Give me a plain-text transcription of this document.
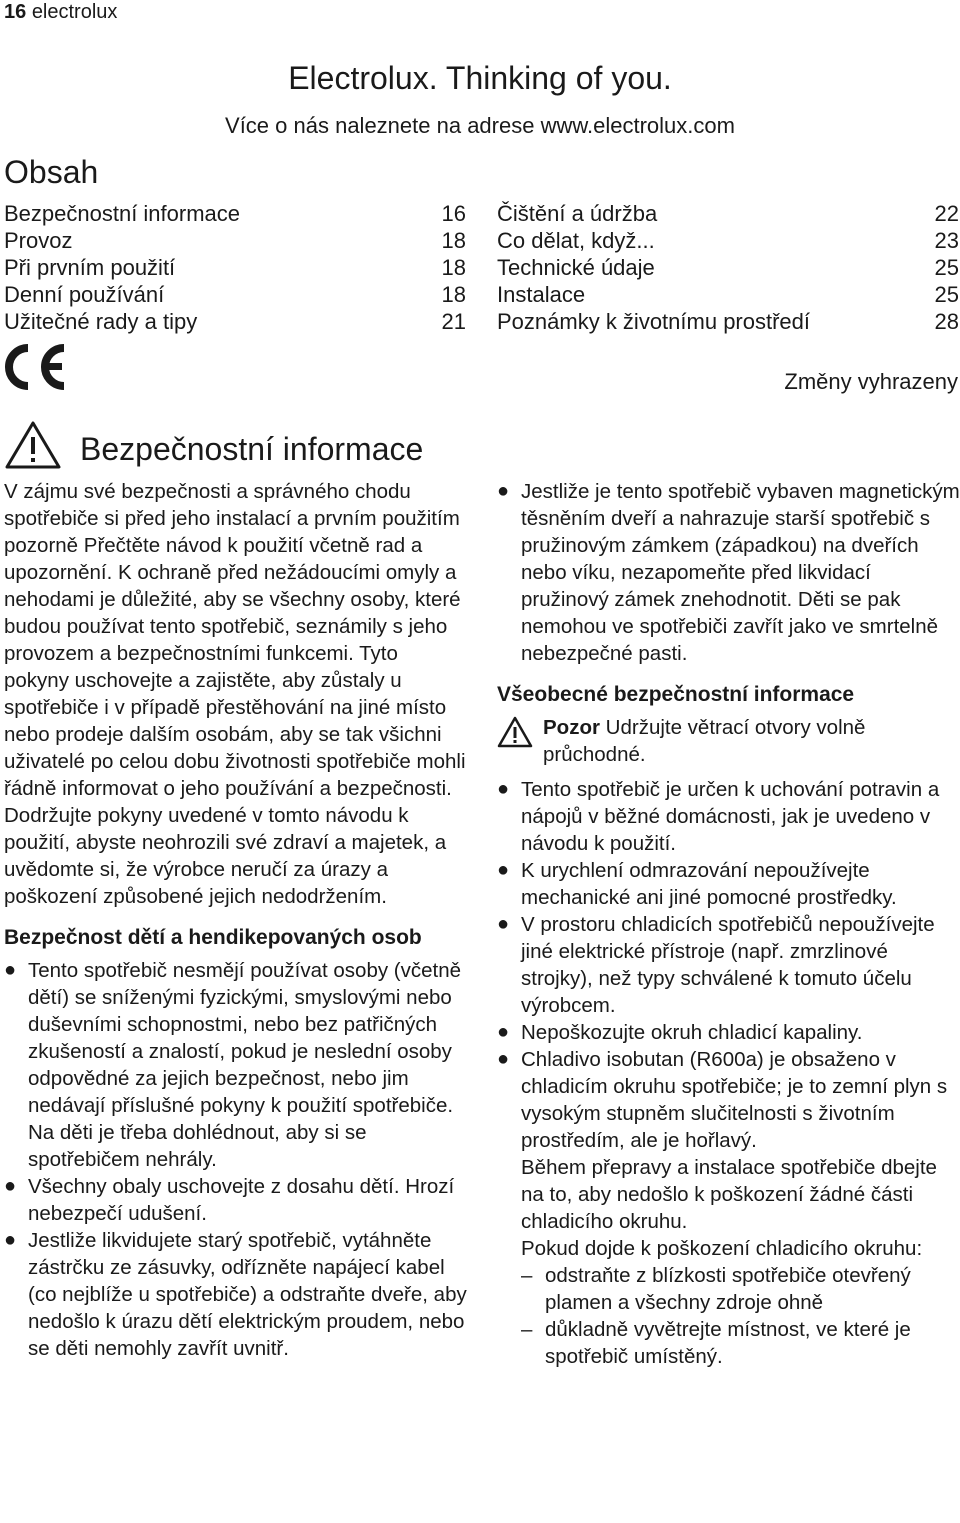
16 electrolux
Electrolux. Thinking of you.
Více o nás naleznete na adrese www.electrolux.com
Obsah
Bezpečnostní informace	16
Provoz	18
Při prvním použití	18
Denní používání	18
Užitečné rady a tipy	21
Čištění a údržba	22
Co dělat, když...	23
Technické údaje	25
Instalace	25
Poznámky k životnímu prostředí	28
Změny vyhrazeny
Bezpečnostní informace

V zájmu své bezpečnosti a správného chodu spotřebiče si před jeho instalací a prvním použitím pozorně Přečtěte návod k použití včetně rad a upozornění. K ochraně před nežádoucími omyly a nehodami je důležité, aby se všechny osoby, které budou používat tento spotřebič, seznámily s jeho provozem a bezpečnostními funkcemi. Tyto pokyny uschovejte a zajistěte, aby zůstaly u spotřebiče i v případě přestěhování na jiné místo nebo prodeje dalším osobám, aby se tak všichni uživatelé po celou dobu životnosti spotřebiče mohli řádně informovat o jeho používání a bezpečnosti.

Dodržujte pokyny uvedené v tomto návodu k použití, abyste neohrozili své zdraví a majetek, a uvědomte si, že výrobce neručí za úrazy a poškození způsobené jejich nedodržením.

Bezpečnost dětí a hendikepovaných osob

● Tento spotřebič nesmějí používat osoby (včetně dětí) se sníženými fyzickými, smyslovými nebo duševními schopnostmi, nebo bez patřičných zkušeností a znalostí, pokud je neslední osoby odpovědné za jejich bezpečnost, nebo jim nedávají příslušné pokyny k použití spotřebiče.
Na děti je třeba dohlédnout, aby si se spotřebičem nehrály.
● Všechny obaly uschovejte z dosahu dětí. Hrozí nebezpečí udušení.
● Jestliže likvidujete starý spotřebič, vytáhněte zástrčku ze zásuvky, odřízněte napájecí kabel (co nejblíže u spotřebiče) a odstraňte dveře, aby nedošlo k úrazu dětí elektrickým proudem, nebo se děti nemohly zavřít uvnitř.
● Jestliže je tento spotřebič vybaven magnetickým těsněním dveří a nahrazuje starší spotřebič s pružinovým zámkem (západkou) na dveřích nebo víku, nezapomeňte před likvidací pružinový zámek znehodnotit. Děti se pak nemohou ve spotřebiči zavřít jako ve smrtelně nebezpečné pasti.

Všeobecné bezpečnostní informace

Pozor Udržujte větrací otvory volně průchodné.
● Tento spotřebič je určen k uchování potravin a nápojů v běžné domácnosti, jak je uvedeno v návodu k použití.
● K urychlení odmrazování nepoužívejte mechanické ani jiné pomocné prostředky.
● V prostoru chladicích spotřebičů nepoužívejte jiné elektrické přístroje (např. zmrzlinové strojky), než typy schválené k tomuto účelu výrobcem.
● Nepoškozujte okruh chladicí kapaliny.
● Chladivo isobutan (R600a) je obsaženo v chladicím okruhu spotřebiče; je to zemní plyn s vysokým stupněm slučitelnosti s životním prostředím, ale je hořlavý.

Během přepravy a instalace spotřebiče dbejte na to, aby nedošlo k poškození žádné části chladicího okruhu.

Pokud dojde k poškození chladicího okruhu:

– odstraňte z blízkosti spotřebiče otevřený plamen a všechny zdroje ohně
– důkladně vyvětrejte místnost, ve které je spotřebič umístěný.
